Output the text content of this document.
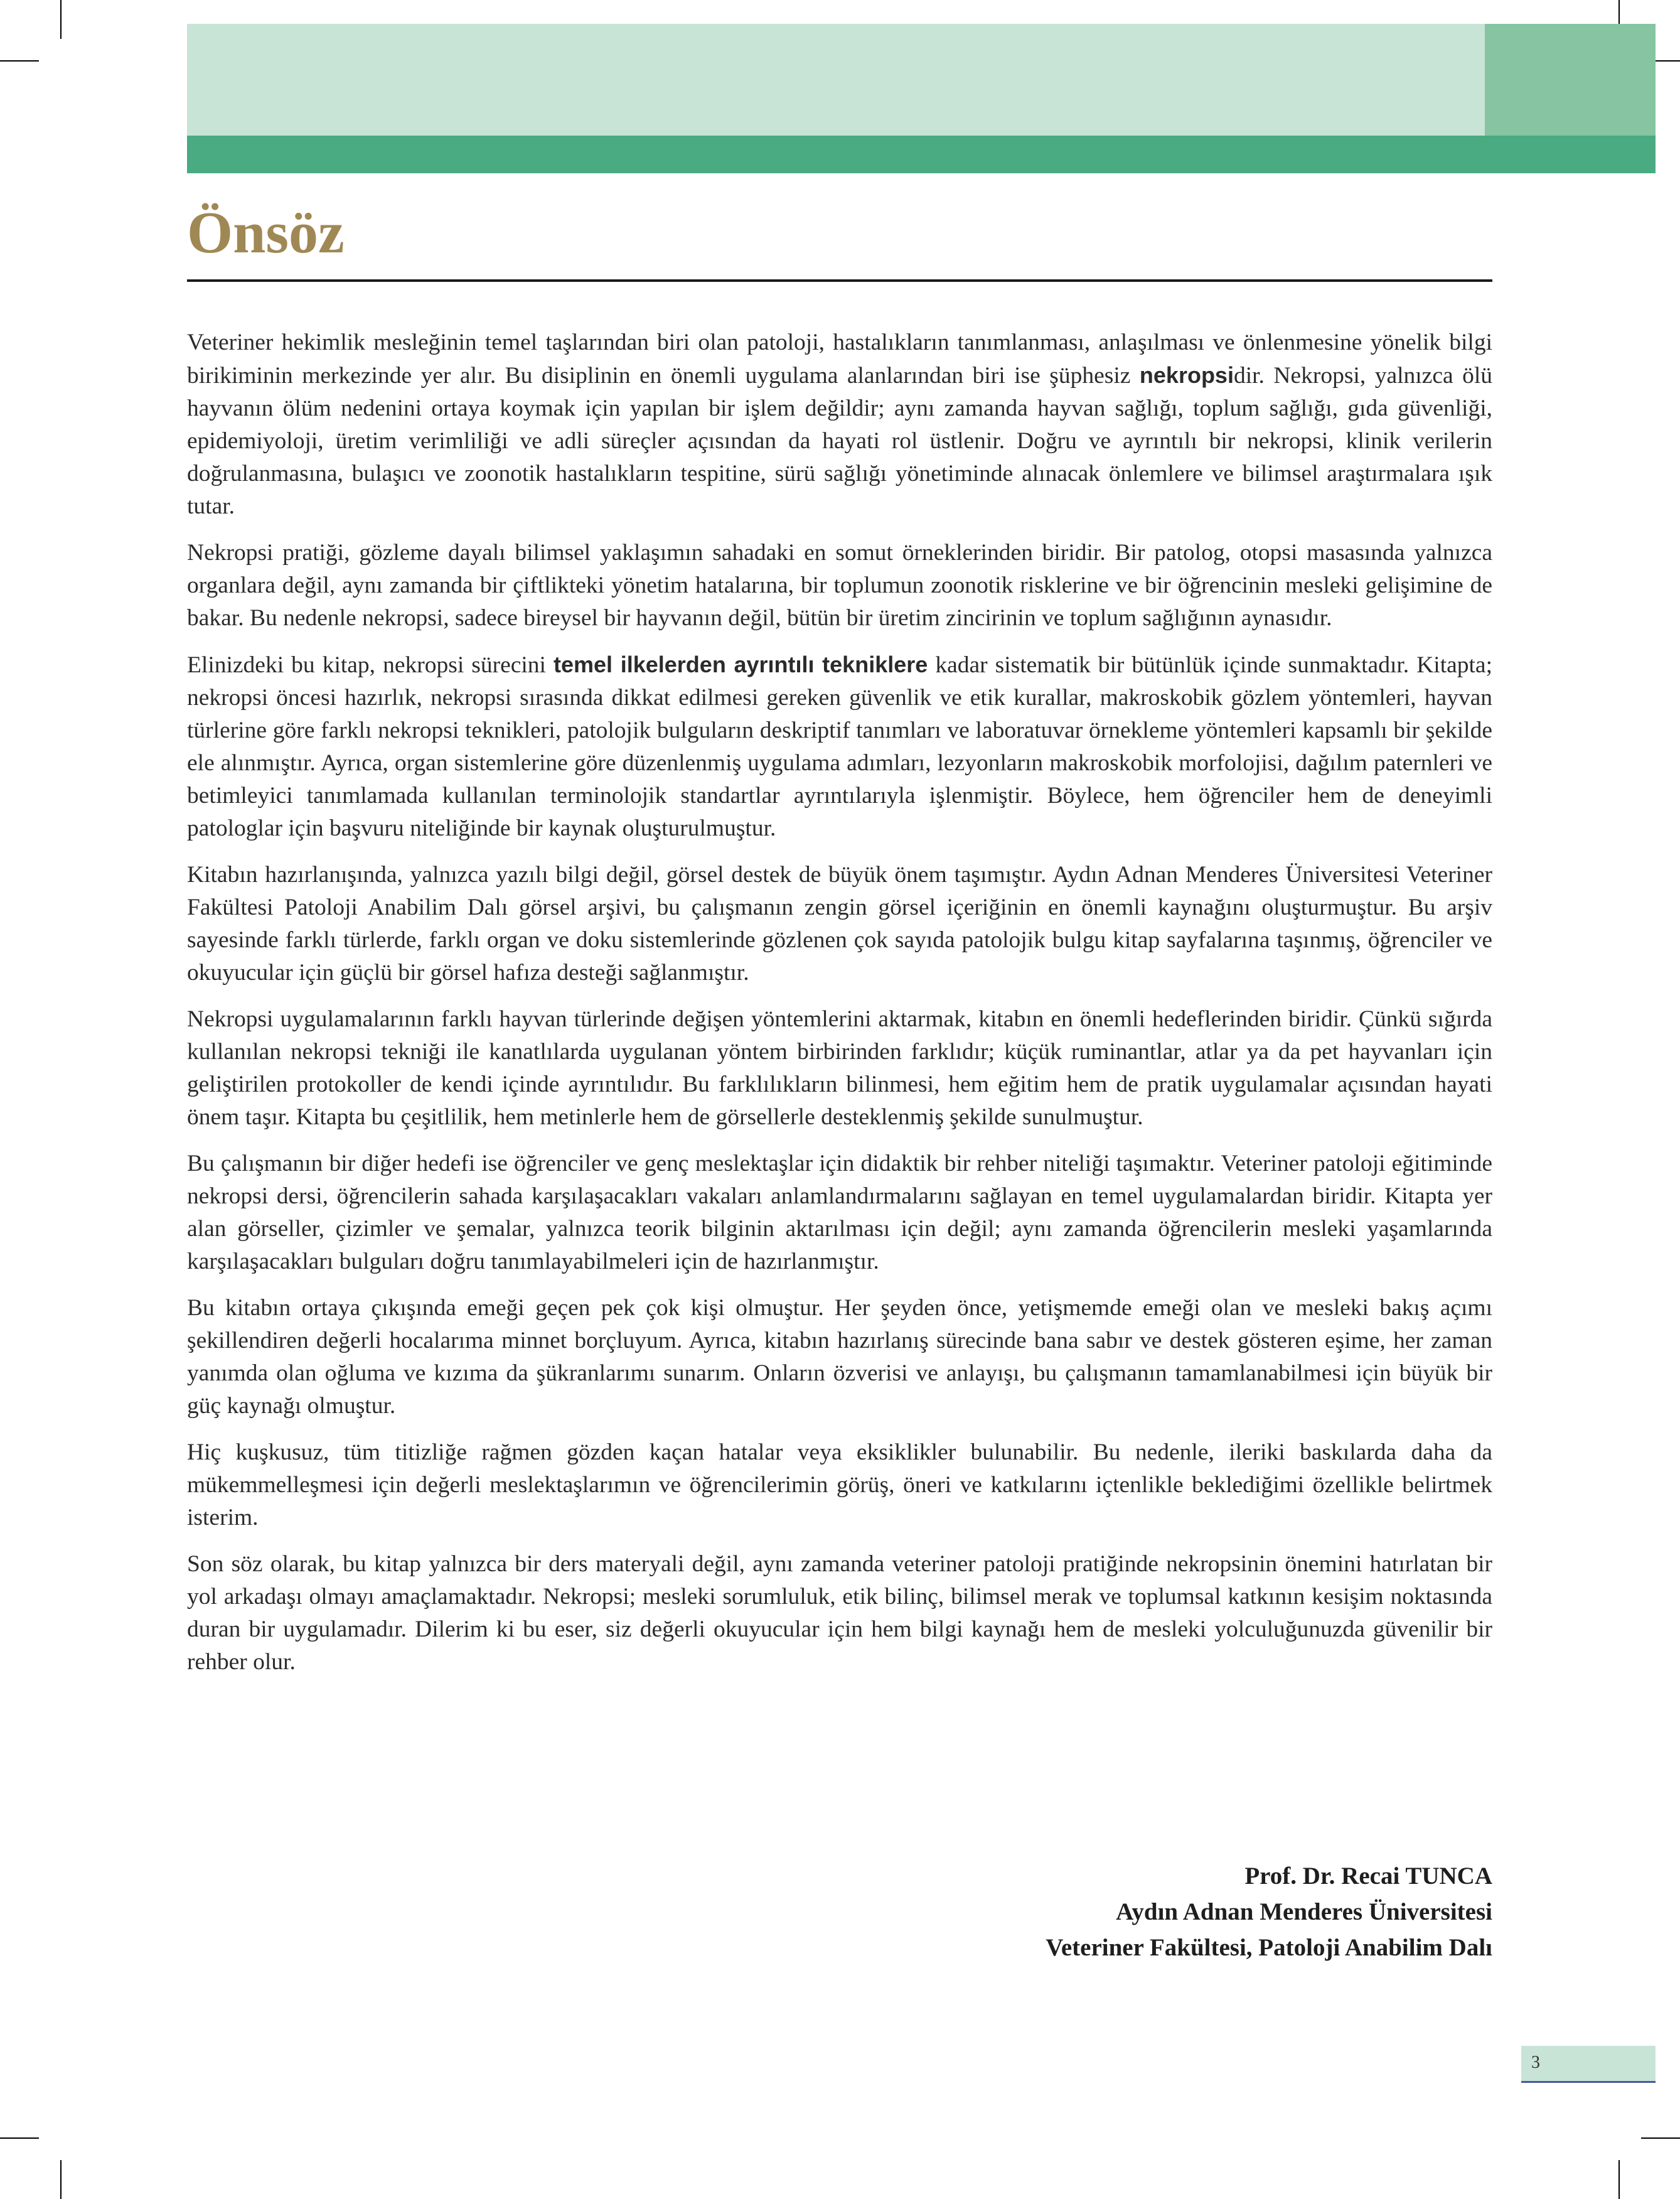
Önsöz

Veteriner hekimlik mesleğinin temel taşlarından biri olan patoloji, hastalıkların tanımlanması, anlaşılması ve önlenmesine yönelik bilgi birikiminin merkezinde yer alır. Bu disiplinin en önemli uygulama alanlarından biri ise şüphesiz nekropsidir. Nekropsi, yalnızca ölü hayvanın ölüm nedenini ortaya koymak için yapılan bir işlem değildir; aynı zamanda hayvan sağlığı, toplum sağlığı, gıda güvenliği, epidemiyoloji, üretim verimliliği ve adli süreçler açısından da hayati rol üstlenir. Doğru ve ayrıntılı bir nekropsi, klinik verilerin doğrulanmasına, bulaşıcı ve zoonotik hastalıkların tespitine, sürü sağlığı yönetiminde alınacak önlemlere ve bilimsel araştırmalara ışık tutar.

Nekropsi pratiği, gözleme dayalı bilimsel yaklaşımın sahadaki en somut örneklerinden biridir. Bir patolog, otopsi masasında yalnızca organlara değil, aynı zamanda bir çiftlikteki yönetim hatalarına, bir toplumun zoonotik risklerine ve bir öğrencinin mesleki gelişimine de bakar. Bu nedenle nekropsi, sadece bireysel bir hayvanın değil, bütün bir üretim zincirinin ve toplum sağlığının aynasıdır.

Elinizdeki bu kitap, nekropsi sürecini temel ilkelerden ayrıntılı tekniklere kadar sistematik bir bütünlük içinde sunmaktadır. Kitapta; nekropsi öncesi hazırlık, nekropsi sırasında dikkat edilmesi gereken güvenlik ve etik kurallar, makroskobik gözlem yöntemleri, hayvan türlerine göre farklı nekropsi teknikleri, patolojik bulguların deskriptif tanımları ve laboratuvar örnekleme yöntemleri kapsamlı bir şekilde ele alınmıştır. Ayrıca, organ sistemlerine göre düzenlenmiş uygulama adımları, lezyonların makroskobik morfolojisi, dağılım paternleri ve betimleyici tanımlamada kullanılan terminolojik standartlar ayrıntılarıyla işlenmiştir. Böylece, hem öğrenciler hem de deneyimli patologlar için başvuru niteliğinde bir kaynak oluşturulmuştur.

Kitabın hazırlanışında, yalnızca yazılı bilgi değil, görsel destek de büyük önem taşımıştır. Aydın Adnan Menderes Üniversitesi Veteriner Fakültesi Patoloji Anabilim Dalı görsel arşivi, bu çalışmanın zengin görsel içeriğinin en önemli kaynağını oluşturmuştur. Bu arşiv sayesinde farklı türlerde, farklı organ ve doku sistemlerinde gözlenen çok sayıda patolojik bulgu kitap sayfalarına taşınmış, öğrenciler ve okuyucular için güçlü bir görsel hafıza desteği sağlanmıştır.

Nekropsi uygulamalarının farklı hayvan türlerinde değişen yöntemlerini aktarmak, kitabın en önemli hedeflerinden biridir. Çünkü sığırda kullanılan nekropsi tekniği ile kanatlılarda uygulanan yöntem birbirinden farklıdır; küçük ruminantlar, atlar ya da pet hayvanları için geliştirilen protokoller de kendi içinde ayrıntılıdır. Bu farklılıkların bilinmesi, hem eğitim hem de pratik uygulamalar açısından hayati önem taşır. Kitapta bu çeşitlilik, hem metinlerle hem de görsellerle desteklenmiş şekilde sunulmuştur.

Bu çalışmanın bir diğer hedefi ise öğrenciler ve genç meslektaşlar için didaktik bir rehber niteliği taşımaktır. Veteriner patoloji eğitiminde nekropsi dersi, öğrencilerin sahada karşılaşacakları vakaları anlamlandırmalarını sağlayan en temel uygulamalardan biridir. Kitapta yer alan görseller, çizimler ve şemalar, yalnızca teorik bilginin aktarılması için değil; aynı zamanda öğrencilerin mesleki yaşamlarında karşılaşacakları bulguları doğru tanımlayabilmeleri için de hazırlanmıştır.

Bu kitabın ortaya çıkışında emeği geçen pek çok kişi olmuştur. Her şeyden önce, yetişmemde emeği olan ve mesleki bakış açımı şekillendiren değerli hocalarıma minnet borçluyum. Ayrıca, kitabın hazırlanış sürecinde bana sabır ve destek gösteren eşime, her zaman yanımda olan oğluma ve kızıma da şükranlarımı sunarım. Onların özverisi ve anlayışı, bu çalışmanın tamamlanabilmesi için büyük bir güç kaynağı olmuştur.

Hiç kuşkusuz, tüm titizliğe rağmen gözden kaçan hatalar veya eksiklikler bulunabilir. Bu nedenle, ileriki baskılarda daha da mükemmelleşmesi için değerli meslektaşlarımın ve öğrencilerimin görüş, öneri ve katkılarını içtenlikle beklediğimi özellikle belirtmek isterim.

Son söz olarak, bu kitap yalnızca bir ders materyali değil, aynı zamanda veteriner patoloji pratiğinde nekropsinin önemini hatırlatan bir yol arkadaşı olmayı amaçlamaktadır. Nekropsi; mesleki sorumluluk, etik bilinç, bilimsel merak ve toplumsal katkının kesişim noktasında duran bir uygulamadır. Dilerim ki bu eser, siz değerli okuyucular için hem bilgi kaynağı hem de mesleki yolculuğunuzda güvenilir bir rehber olur.

Prof. Dr. Recai TUNCA
Aydın Adnan Menderes Üniversitesi
Veteriner Fakültesi, Patoloji Anabilim Dalı
3
